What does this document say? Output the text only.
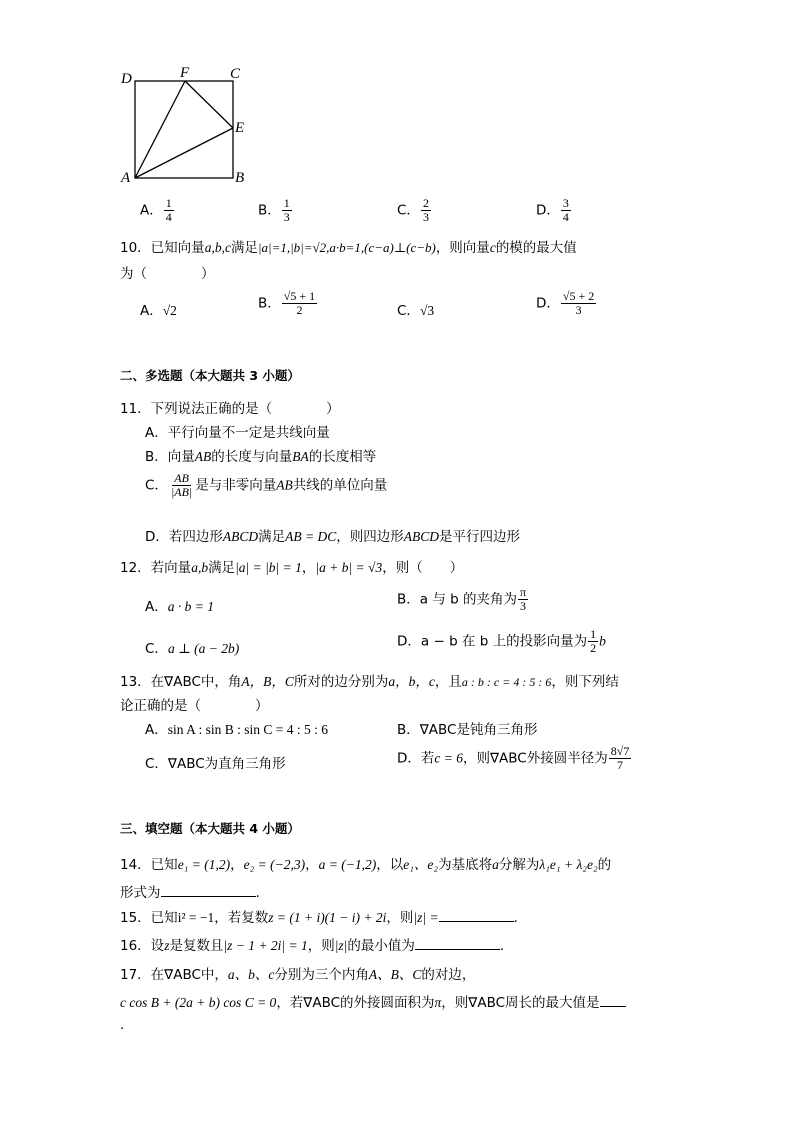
D	F	C
E
A	B
A． $\frac{1}{4}$	B． $\frac{1}{3}$	C． $\frac{2}{3}$	D． $\frac{3}{4}$
10．已知向量a,b,c满足|a|=1,|b|=√2,a·b=1,(c−a)⊥(c−b)，则向量c的模的最大值
为（　　　　）
A．√2	B． $\frac{√5 + 1}{2}$	C．√3	D． $\frac{√5 + 2}{3}$
二、多选题（本大题共 3 小题）
11．下列说法正确的是（　　　　）
A．平行向量不一定是共线向量
B．向量AB的长度与向量BA的长度相等
C． $\frac{AB}{|AB|}$ 是与非零向量AB共线的单位向量
D．若四边形ABCD满足AB = DC，则四边形ABCD是平行四边形
12．若向量a,b满足|a| = |b| = 1，|a + b| = √3，则（　　）
A．a · b = 1	B．a 与 b 的夹角为 $\frac{\pi}{3}$
C．a ⊥ (a − 2b)	D．a − b 在 b 上的投影向量为 $\frac{1}{2}$ b
13．在∇ABC中，角A，B，C所对的边分别为a，b，c，且a : b : c = 4 : 5 : 6，则下列结
论正确的是（　　　　）
A．sin A : sin B : sin C = 4 : 5 : 6	B．∇ABC是钝角三角形
C．∇ABC为直角三角形	D．若c = 6，则∇ABC外接圆半径为 $\frac{8√7}{7}$
三、填空题（本大题共 4 小题）
14．已知e₁ = (1,2)，e₂ = (−2,3)，a = (−1,2)，以e₁、e₂为基底将a分解为λ₁e₁ + λ₂e₂的
形式为	.
15．已知i² = −1，若复数z = (1 + i)(1 − i) + 2i，则|z| =	.
16．设z是复数且|z − 1 + 2i| = 1，则|z|的最小值为	.
17．在∇ABC中，a、b、c分别为三个内角A、B、C的对边，
c cos B + (2a + b) cos C = 0，若∇ABC的外接圆面积为π，则∇ABC周长的最大值是
.
